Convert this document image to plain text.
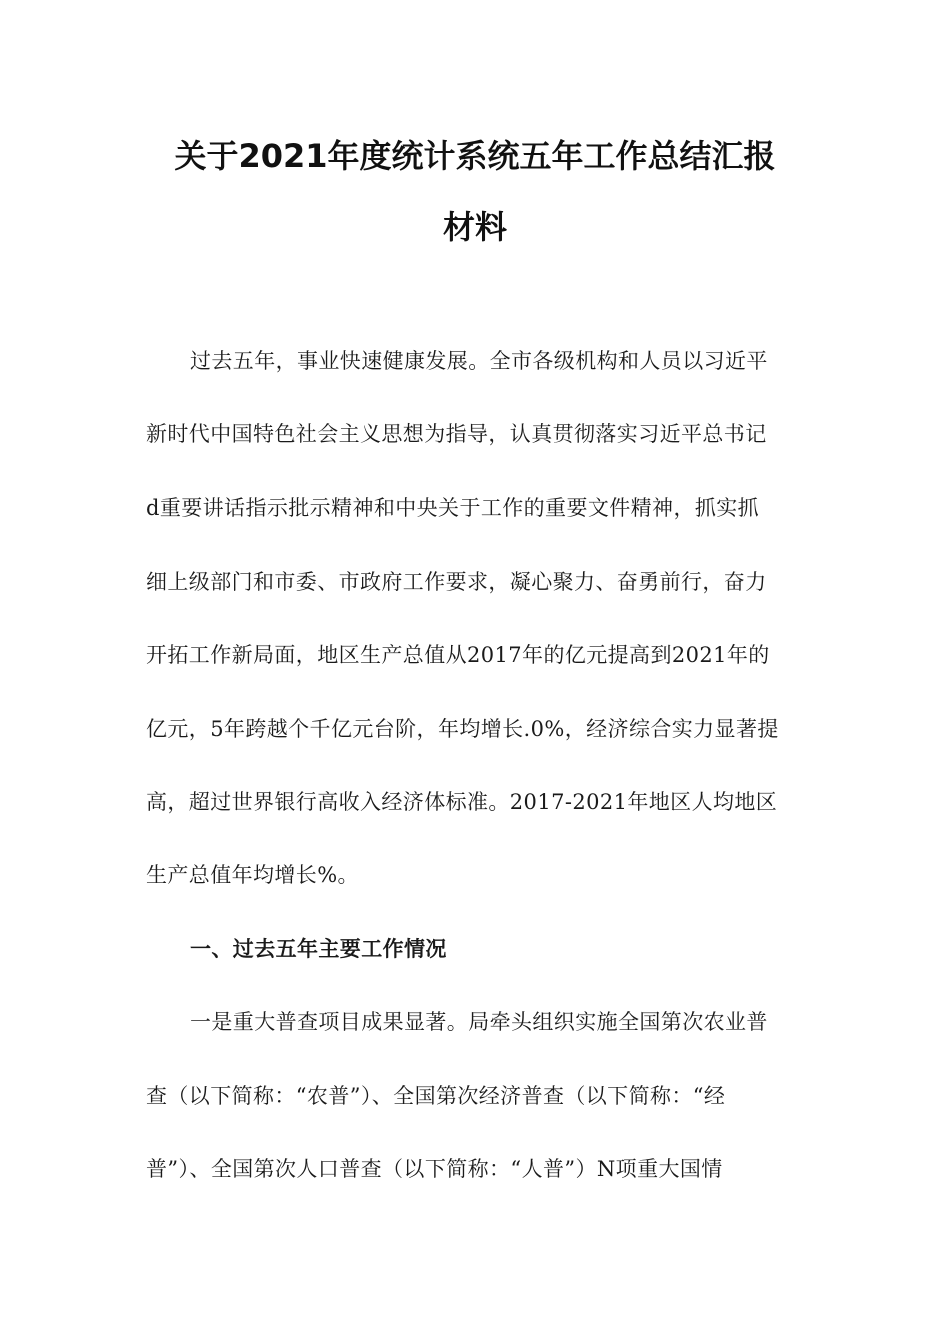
关于2021年度统计系统五年工作总结汇报
材料
过去五年，事业快速健康发展。全市各级机构和人员以习近平
新时代中国特色社会主义思想为指导，认真贯彻落实习近平总书记
d重要讲话指示批示精神和中央关于工作的重要文件精神，抓实抓
细上级部门和市委、市政府工作要求，凝心聚力、奋勇前行，奋力
开拓工作新局面，地区生产总值从2017年的亿元提高到2021年的
亿元，5年跨越个千亿元台阶，年均增长.0%，经济综合实力显著提
高，超过世界银行高收入经济体标准。2017-2021年地区人均地区
生产总值年均增长%。
一、过去五年主要工作情况
一是重大普查项目成果显著。局牵头组织实施全国第次农业普
查（以下简称：“农普”）、全国第次经济普查（以下简称：“经
普”）、全国第次人口普查（以下简称：“人普”）N项重大国情
